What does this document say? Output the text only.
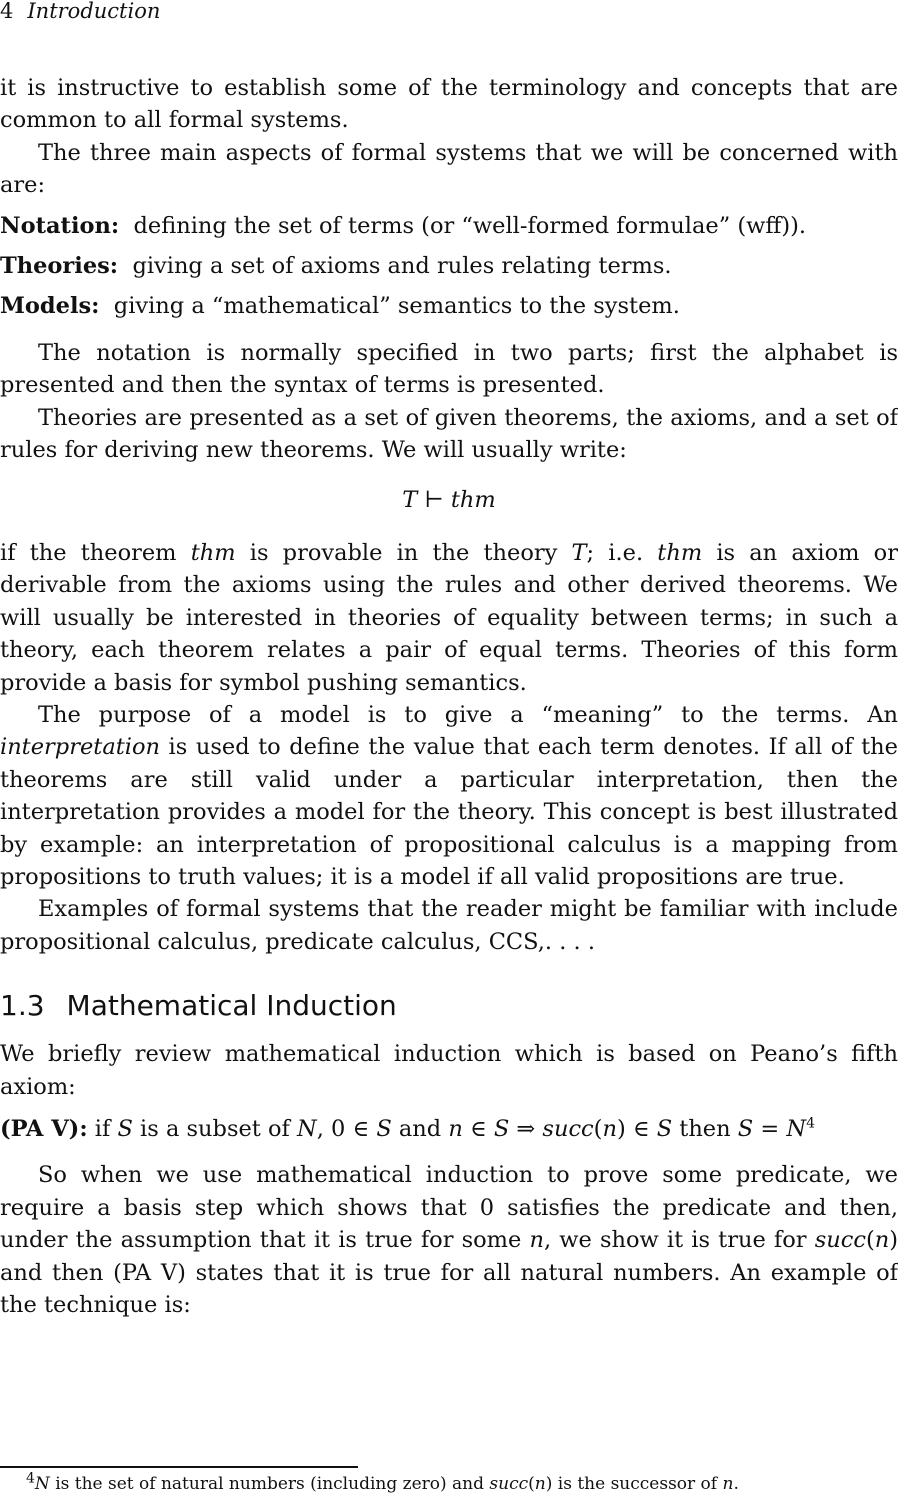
4 Introduction

it is instructive to establish some of the terminology and concepts that are common to all formal systems.

The three main aspects of formal systems that we will be concerned with are:

Notation: defining the set of terms (or “well-formed formulae” (wff)).

Theories: giving a set of axioms and rules relating terms.

Models: giving a “mathematical” semantics to the system.

The notation is normally specified in two parts; first the alphabet is presented and then the syntax of terms is presented.

Theories are presented as a set of given theorems, the axioms, and a set of rules for deriving new theorems. We will usually write:

T ⊢ thm

if the theorem thm is provable in the theory T; i.e. thm is an axiom or derivable from the axioms using the rules and other derived theorems. We will usually be interested in theories of equality between terms; in such a theory, each theorem relates a pair of equal terms. Theories of this form provide a basis for symbol pushing semantics.

The purpose of a model is to give a “meaning” to the terms. An interpretation is used to define the value that each term denotes. If all of the theorems are still valid under a particular interpretation, then the interpretation provides a model for the theory. This concept is best illustrated by example: an interpretation of propositional calculus is a mapping from propositions to truth values; it is a model if all valid propositions are true.

Examples of formal systems that the reader might be familiar with include propositional calculus, predicate calculus, CCS,. . . .

1.3 Mathematical Induction

We briefly review mathematical induction which is based on Peano’s fifth axiom:

(PA V): if S is a subset of N, 0 ∈ S and n ∈ S ⇒ succ(n) ∈ S then $S = N^4$

So when we use mathematical induction to prove some predicate, we require a basis step which shows that 0 satisfies the predicate and then, under the assumption that it is true for some n, we show it is true for succ(n) and then (PA V) states that it is true for all natural numbers. An example of the technique is:

$^4$N is the set of natural numbers (including zero) and succ(n) is the successor of n.
